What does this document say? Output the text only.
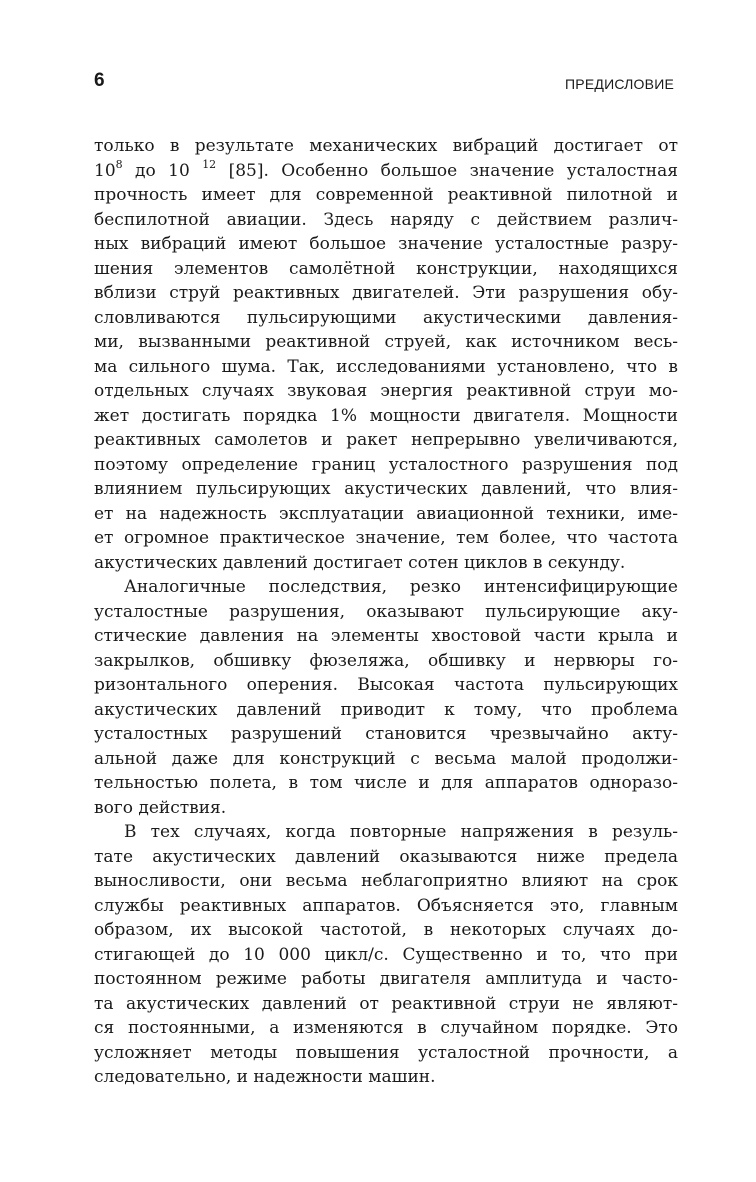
6	ПРЕДИСЛОВИЕ
только в результате механических вибраций достигает от
$10^8$ до 10 $^{12}$ [85]. Особенно большое значение усталостная
прочность имеет для современной реактивной пилотной и
беспилотной авиации. Здесь наряду с действием различ-
ных вибраций имеют большое значение усталостные разру-
шения элементов самолётной конструкции, находящихся
вблизи струй реактивных двигателей. Эти разрушения обу-
словливаются пульсирующими акустическими давления-
ми, вызванными реактивной струей, как источником весь-
ма сильного шума. Так, исследованиями установлено, что в
отдельных случаях звуковая энергия реактивной струи мо-
жет достигать порядка 1% мощности двигателя. Мощности
реактивных самолетов и ракет непрерывно увеличиваются,
поэтому определение границ усталостного разрушения под
влиянием пульсирующих акустических давлений, что влия-
ет на надежность эксплуатации авиационной техники, име-
ет огромное практическое значение, тем более, что частота
акустических давлений достигает сотен циклов в секунду.
Аналогичные последствия, резко интенсифицирующие
усталостные разрушения, оказывают пульсирующие аку-
стические давления на элементы хвостовой части крыла и
закрылков, обшивку фюзеляжа, обшивку и нервюры го-
ризонтального оперения. Высокая частота пульсирующих
акустических давлений приводит к тому, что проблема
усталостных разрушений становится чрезвычайно акту-
альной даже для конструкций с весьма малой продолжи-
тельностью полета, в том числе и для аппаратов одноразо-
вого действия.
В тех случаях, когда повторные напряжения в резуль-
тате акустических давлений оказываются ниже предела
выносливости, они весьма неблагоприятно влияют на срок
службы реактивных аппаратов. Объясняется это, главным
образом, их высокой частотой, в некоторых случаях до-
стигающей до 10 000 цикл/с. Существенно и то, что при
постоянном режиме работы двигателя амплитуда и часто-
та акустических давлений от реактивной струи не являют-
ся постоянными, а изменяются в случайном порядке. Это
усложняет методы повышения усталостной прочности, а
следовательно, и надежности машин.
